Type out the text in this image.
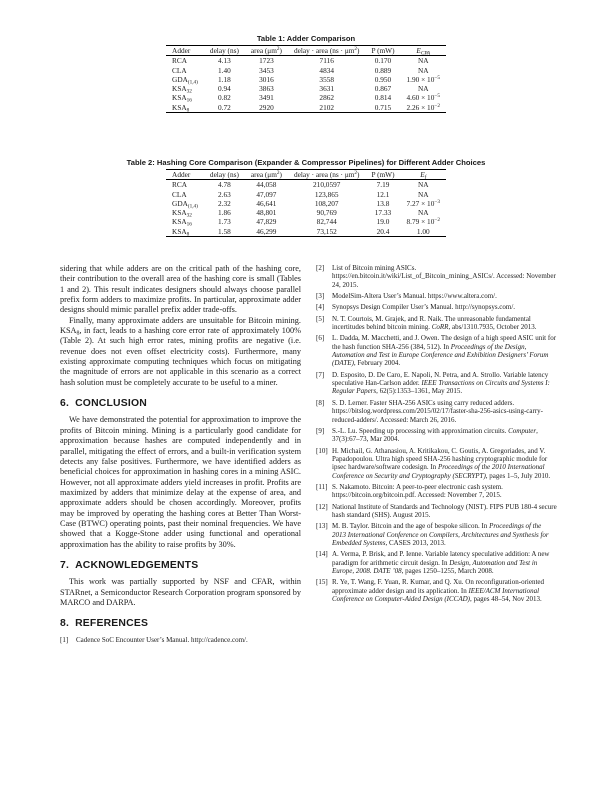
Table 1: Adder Comparison
Adder	delay (ns)	area $(\mu m^2)$	delay · area $(ns \cdot \mu m^2)$	P (mW)	$E_{CPA}$
RCA	4.13	1723	7116	0.170	NA
CLA	1.40	3453	4834	0.889	NA
$GDA_{(1,4)}$	1.18	3016	3558	0.950	$1.90 \times 10^{-5}$
$KSA_{32}$	0.94	3863	3631	0.867	NA
$KSA_{16}$	0.82	3491	2862	0.814	$4.60 \times 10^{-5}$
$KSA_8$	0.72	2920	2102	0.715	$2.26 \times 10^{-2}$
Table 2: Hashing Core Comparison (Expander & Compressor Pipelines) for Different Adder Choices
Adder	delay (ns)	area $(\mu m^2)$	delay · area $(ns \cdot \mu m^2)$	P (mW)	$E_f$
RCA	4.78	44,058	210,0597	7.19	NA
CLA	2.63	47,097	123,865	12.1	NA
$GDA_{(1,4)}$	2.32	46,641	108,207	13.8	$7.27 \times 10^{-3}$
$KSA_{32}$	1.86	48,801	90,769	17.33	NA
$KSA_{16}$	1.73	47,829	82,744	19.0	$8.79 \times 10^{-2}$
$KSA_8$	1.58	46,299	73,152	20.4	1.00

sidering that while adders are on the critical path of the hashing core, their contribution to the overall area of the hashing core is small (Tables 1 and 2). This result indicates designers should always choose parallel prefix form adders to maximize profits. In particular, approximate adder designs should mimic parallel prefix adder trade-offs.

Finally, many approximate adders are unsuitable for Bitcoin mining. $KSA_8$, in fact, leads to a hashing core error rate of approximately 100% (Table 2). At such high error rates, mining profits are negative (i.e. revenue does not even offset electricity costs). Furthermore, many existing approximate computing techniques which focus on mitigating the magnitude of errors are not applicable in this scenario as a correct hash solution must be completely accurate to be useful to a miner.

6. CONCLUSION

We have demonstrated the potential for approximation to improve the profits of Bitcoin mining. Mining is a particularly good candidate for approximation because hashes are computed independently and in parallel, mitigating the effect of errors, and a built-in verification system detects any false positives. Furthermore, we have identified adders as beneficial choices for approximation in hashing cores in a mining ASIC. However, not all approximate adders yield increases in profit. Profits are maximized by adders that minimize delay at the expense of area, and approximate adders should be chosen accordingly. Moreover, profits may be improved by operating the hashing cores at Better Than Worst-Case (BTWC) operating points, past their nominal frequencies. We have showed that a Kogge-Stone adder using functional and operational approximation has the ability to raise profits by 30%.

7. ACKNOWLEDGEMENTS

This work was partially supported by NSF and CFAR, within STARnet, a Semiconductor Research Corporation program sponsored by MARCO and DARPA.

8. REFERENCES
[1]	Cadence SoC Encounter User’s Manual. http://cadence.com/.
[2]	List of Bitcoin mining ASICs. https://en.bitcoin.it/wiki/List_of_Bitcoin_mining_ASICs/. Accessed: November 24, 2015.
[3]	ModelSim-Altera User’s Manual. https://www.altera.com/.
[4]	Synopsys Design Compiler User’s Manual. http://synopsys.com/.
[5]	N. T. Courtois, M. Grajek, and R. Naik. The unreasonable fundamental incertitudes behind bitcoin mining. CoRR, abs/1310.7935, October 2013.
[6]	L. Dadda, M. Macchetti, and J. Owen. The design of a high speed ASIC unit for the hash function SHA-256 (384, 512). In Proceedings of the Design, Automation and Test in Europe Conference and Exhibition Designers’ Forum (DATE), February 2004.
[7]	D. Esposito, D. De Caro, E. Napoli, N. Petra, and A. Strollo. Variable latency speculative Han-Carlson adder. IEEE Transactions on Circuits and Systems I: Regular Papers, 62(5):1353–1361, May 2015.
[8]	S. D. Lerner. Faster SHA-256 ASICs using carry reduced adders. https://bitslog.wordpress.com/2015/02/17/faster-sha-256-asics-using-carry-reduced-adders/. Accessed: March 26, 2016.
[9]	S.-L. Lu. Speeding up processing with approximation circuits. Computer, 37(3):67–73, Mar 2004.
[10] H. Michail, G. Athanasiou, A. Kritikakou, C. Goutis, A. Gregoriades, and V. Papadopoulou. Ultra high speed SHA-256 hashing cryptographic module for ipsec hardware/software codesign. In Proceedings of the 2010 International Conference on Security and Cryptography (SECRYPT), pages 1–5, July 2010.
[11] S. Nakamoto. Bitcoin: A peer-to-peer electronic cash system. https://bitcoin.org/bitcoin.pdf. Accessed: November 7, 2015.
[12] National Institute of Standards and Technology (NIST). FIPS PUB 180-4 secure hash standard (SHS). August 2015.
[13] M. B. Taylor. Bitcoin and the age of bespoke silicon. In Proceedings of the 2013 International Conference on Compilers, Architectures and Synthesis for Embedded Systems, CASES 2013, 2013.
[14] A. Verma, P. Brisk, and P. Ienne. Variable latency speculative addition: A new paradigm for arithmetic circuit design. In Design, Automation and Test in Europe, 2008. DATE ’08, pages 1250–1255, March 2008.
[15] R. Ye, T. Wang, F. Yuan, R. Kumar, and Q. Xu. On reconfiguration-oriented approximate adder design and its application. In IEEE/ACM International Conference on Computer-Aided Design (ICCAD), pages 48–54, Nov 2013.
